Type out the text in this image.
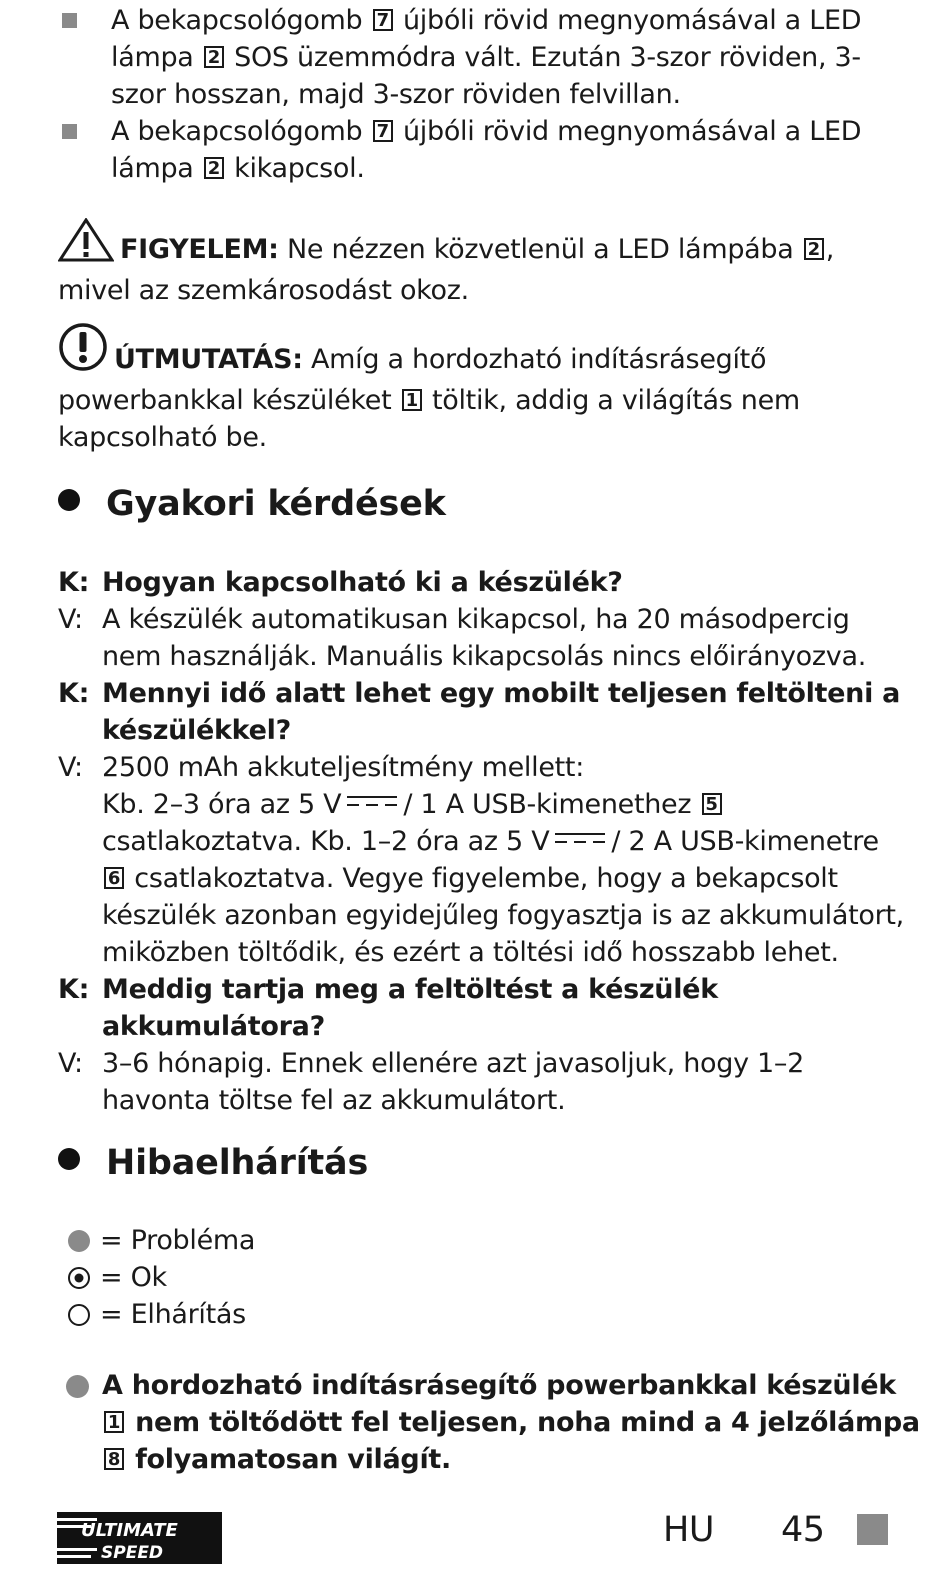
A bekapcsológomb 7 újbóli rövid megnyomásával a LED lámpa 2 SOS üzemmódra vált. Ezután 3-szor röviden, 3-szor hosszan, majd 3-szor röviden felvillan.
A bekapcsológomb 7 újbóli rövid megnyomásával a LED lámpa 2 kikapcsol.
FIGYELEM: Ne nézzen közvetlenül a LED lámpába 2 , mivel az szemkárosodást okoz.
ÚTMUTATÁS: Amíg a hordozható indításrásegítő powerbankkal készüléket 1 töltik, addig a világítás nem kapcsolható be.
Gyakori kérdések
K: Hogyan kapcsolható ki a készülék?
V: A készülék automatikusan kikapcsol, ha 20 másodpercig nem használják. Manuális kikapcsolás nincs előirányozva.
K: Mennyi idő alatt lehet egy mobilt teljesen feltölteni a készülékkel?
V: 2500 mAh akkuteljesítmény mellett:
Kb. 2–3 óra az 5 V / 1 A USB-kimenethez 5 csatlakoztatva. Kb. 1–2 óra az 5 V / 2 A USB-kimenetre 6 csatlakoztatva. Vegye figyelembe, hogy a bekapcsolt készülék azonban egyidejűleg fogyasztja is az akkumulátort, miközben töltődik, és ezért a töltési idő hosszabb lehet.
K: Meddig tartja meg a feltöltést a készülék akkumulátora?
V: 3–6 hónapig. Ennek ellenére azt javasoljuk, hogy 1–2 havonta töltse fel az akkumulátort.
Hibaelhárítás
= Probléma
= Ok
= Elhárítás
A hordozható indításrásegítő powerbankkal készülék 1 nem töltődött fel teljesen, noha mind a 4 jelzőlámpa 8 folyamatosan világít.
ULTIMATE
SPEED
HU 45
